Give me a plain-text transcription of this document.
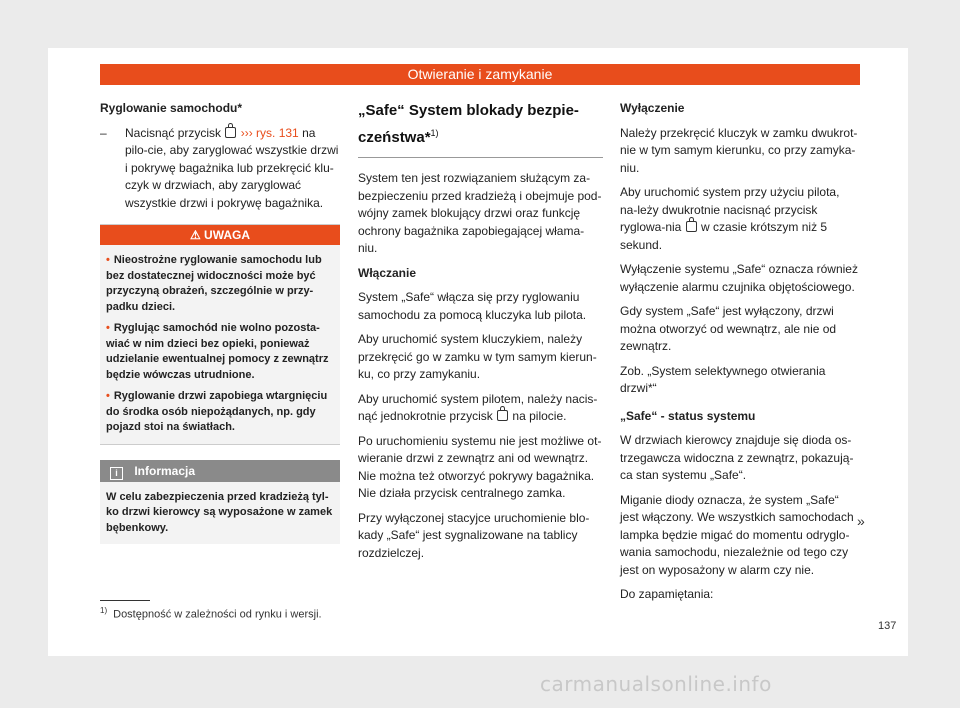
Otwieranie i zamykanie

Ryglowanie samochodu*

–	Nacisnąć przycisk ››› rys. 131 na pilo-cie, aby zaryglować wszystkie drzwi i pokrywę bagażnika lub przekręcić klu-czyk w drzwiach, aby zaryglować wszystkie drzwi i pokrywę bagażnika.
⚠ UWAGA
• Nieostrożne ryglowanie samochodu lub bez dostatecznej widoczności może być przyczyną obrażeń, szczególnie w przy-padku dzieci.
• Ryglując samochód nie wolno pozosta-wiać w nim dzieci bez opieki, ponieważ udzielanie ewentualnej pomocy z zewnątrz będzie wówczas utrudnione.
• Ryglowanie drzwi zapobiega wtargnięciu do środka osób niepożądanych, np. gdy pojazd stoi na światłach.
i Informacja
W celu zabezpieczenia przed kradzieżą tyl-ko drzwi kierowcy są wyposażone w zamek bębenkowy.
„Safe“ System blokady bezpie-czeństwa*$^{1)}$

System ten jest rozwiązaniem służącym za-bezpieczeniu przed kradzieżą i obejmuje pod-wójny zamek blokujący drzwi oraz funkcję ochrony bagażnika zapobiegającej włama-niu.

Włączanie

System „Safe“ włącza się przy ryglowaniu samochodu za pomocą kluczyka lub pilota.

Aby uruchomić system kluczykiem, należy przekręcić go w zamku w tym samym kierun-ku, co przy zamykaniu.

Aby uruchomić system pilotem, należy nacis-nąć jednokrotnie przycisk na pilocie.

Po uruchomieniu systemu nie jest możliwe ot-wieranie drzwi z zewnątrz ani od wewnątrz. Nie można też otworzyć pokrywy bagażnika. Nie działa przycisk centralnego zamka.

Przy wyłączonej stacyjce uruchomienie blo-kady „Safe“ jest sygnalizowane na tablicy rozdzielczej.

Wyłączenie

Należy przekręcić kluczyk w zamku dwukrot-nie w tym samym kierunku, co przy zamyka-niu.

Aby uruchomić system przy użyciu pilota, na-leży dwukrotnie nacisnąć przycisk ryglowa-nia w czasie krótszym niż 5 sekund.

Wyłączenie systemu „Safe“ oznacza również wyłączenie alarmu czujnika objętościowego.

Gdy system „Safe“ jest wyłączony, drzwi można otworzyć od wewnątrz, ale nie od zewnątrz.

Zob. „System selektywnego otwierania drzwi*“

„Safe“ - status systemu

W drzwiach kierowcy znajduje się dioda os-trzegawcza widoczna z zewnątrz, pokazują-ca stan systemu „Safe“.

Miganie diody oznacza, że system „Safe“ jest włączony. We wszystkich samochodach lampka będzie migać do momentu odryglo-wania samochodu, niezależnie od tego czy jest on wyposażony w alarm czy nie.

Do zapamiętania:

»
$^{1)}$ Dostępność w zależności od rynku i wersji.
137
carmanualsonline.info
